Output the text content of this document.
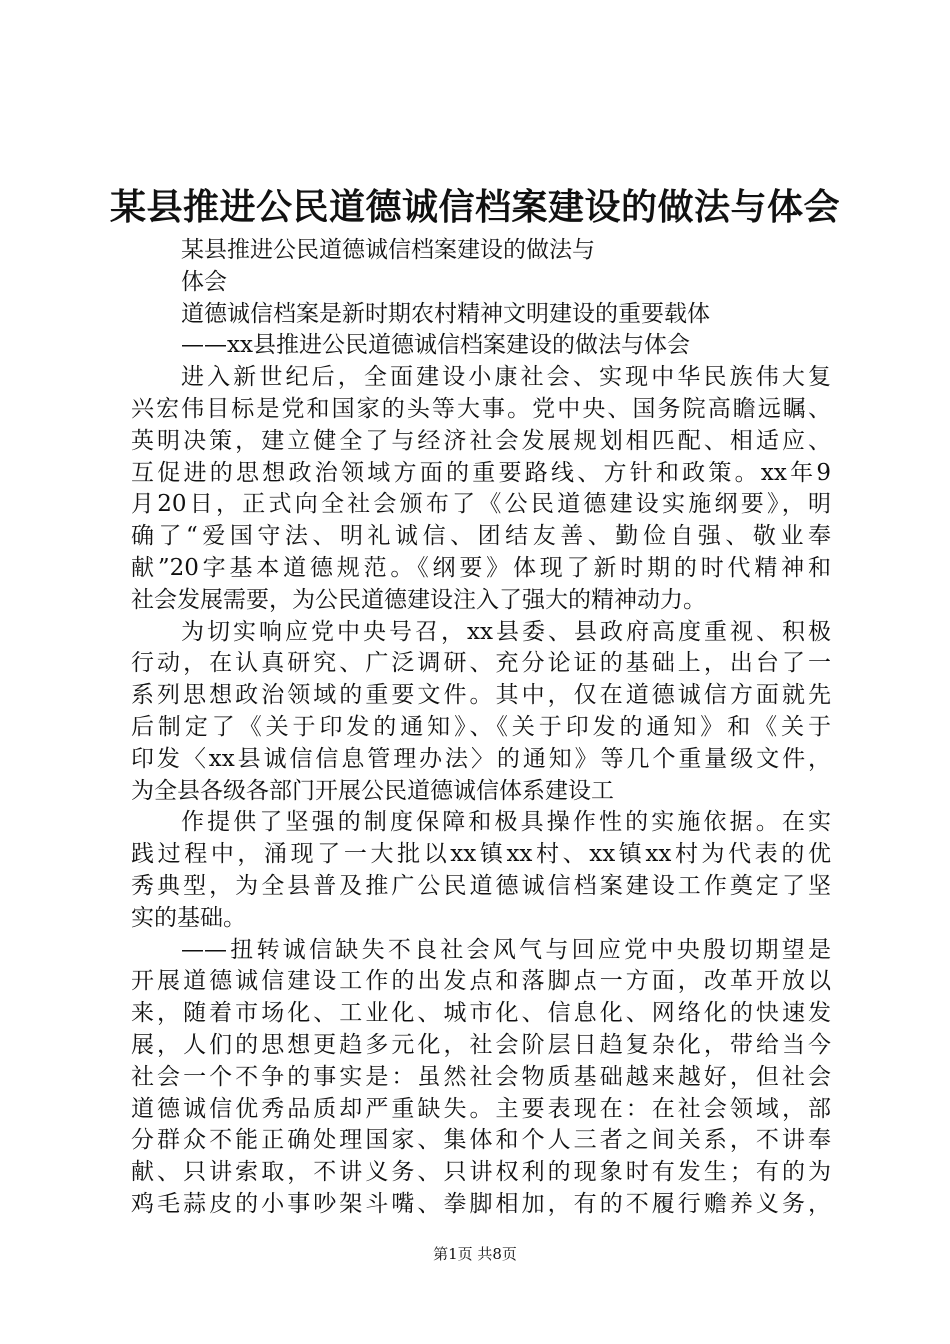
某县推进公民道德诚信档案建设的做法与体会
某县推进公民道德诚信档案建设的做法与
体会
道德诚信档案是新时期农村精神文明建设的重要载体
——xx县推进公民道德诚信档案建设的做法与体会
进入新世纪后，全面建设小康社会、实现中华民族伟大复
兴宏伟目标是党和国家的头等大事。党中央、国务院高瞻远瞩、
英明决策，建立健全了与经济社会发展规划相匹配、相适应、
互促进的思想政治领域方面的重要路线、方针和政策。xx年9
月20日，正式向全社会颁布了《公民道德建设实施纲要》，明
确了“爱国守法、明礼诚信、团结友善、勤俭自强、敬业奉
献”20字基本道德规范。《纲要》体现了新时期的时代精神和
社会发展需要，为公民道德建设注入了强大的精神动力。
为切实响应党中央号召，xx县委、县政府高度重视、积极
行动，在认真研究、广泛调研、充分论证的基础上，出台了一
系列思想政治领域的重要文件。其中，仅在道德诚信方面就先
后制定了《关于印发的通知》、《关于印发的通知》和《关于
印发〈xx县诚信信息管理办法〉的通知》等几个重量级文件，
为全县各级各部门开展公民道德诚信体系建设工
作提供了坚强的制度保障和极具操作性的实施依据。在实
践过程中，涌现了一大批以xx镇xx村、xx镇xx村为代表的优
秀典型，为全县普及推广公民道德诚信档案建设工作奠定了坚
实的基础。
——扭转诚信缺失不良社会风气与回应党中央殷切期望是
开展道德诚信建设工作的出发点和落脚点一方面，改革开放以
来，随着市场化、工业化、城市化、信息化、网络化的快速发
展，人们的思想更趋多元化，社会阶层日趋复杂化，带给当今
社会一个不争的事实是：虽然社会物质基础越来越好，但社会
道德诚信优秀品质却严重缺失。主要表现在：在社会领域，部
分群众不能正确处理国家、集体和个人三者之间关系，不讲奉
献、只讲索取，不讲义务、只讲权利的现象时有发生；有的为
鸡毛蒜皮的小事吵架斗嘴、拳脚相加，有的不履行赡养义务，
第1页 共8页
